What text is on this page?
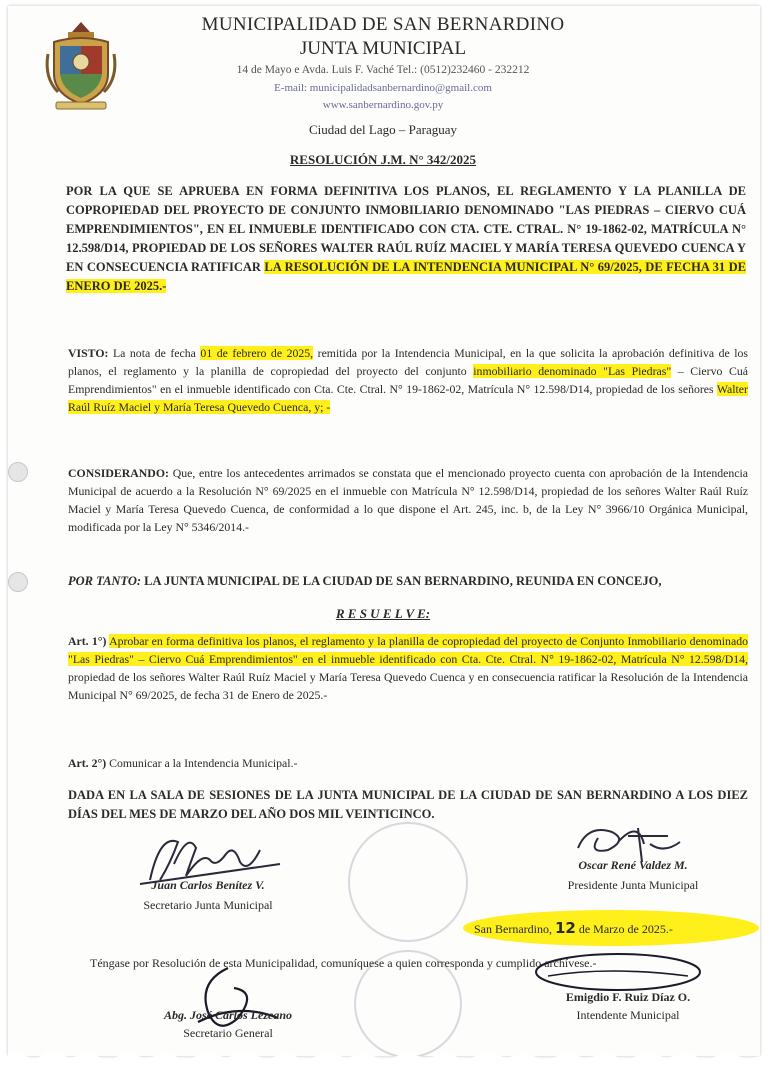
MUNICIPALIDAD DE SAN BERNARDINO
JUNTA MUNICIPAL
14 de Mayo e Avda. Luis F. Vaché Tel.: (0512)232460 - 232212
E-mail: municipalidadsanbernardino@gmail.com
www.sanbernardino.gov.py
Ciudad del Lago – Paraguay
RESOLUCIÓN J.M. N° 342/2025
POR LA QUE SE APRUEBA EN FORMA DEFINITIVA LOS PLANOS, EL REGLAMENTO Y LA PLANILLA DE COPROPIEDAD DEL PROYECTO DE CONJUNTO INMOBILIARIO DENOMINADO "LAS PIEDRAS – CIERVO CUÁ EMPRENDIMIENTOS", EN EL INMUEBLE IDENTIFICADO CON CTA. CTE. CTRAL. N° 19-1862-02, MATRÍCULA N° 12.598/D14, PROPIEDAD DE LOS SEÑORES WALTER RAÚL RUÍZ MACIEL Y MARÍA TERESA QUEVEDO CUENCA Y EN CONSECUENCIA RATIFICAR LA RESOLUCIÓN DE LA INTENDENCIA MUNICIPAL N° 69/2025, DE FECHA 31 DE ENERO DE 2025.-
VISTO: La nota de fecha 01 de febrero de 2025, remitida por la Intendencia Municipal, en la que solicita la aprobación definitiva de los planos, el reglamento y la planilla de copropiedad del proyecto del conjunto inmobiliario denominado "Las Piedras" – Ciervo Cuá Emprendimientos" en el inmueble identificado con Cta. Cte. Ctral. N° 19-1862-02, Matrícula N° 12.598/D14, propiedad de los señores Walter Raúl Ruíz Maciel y María Teresa Quevedo Cuenca, y; -
CONSIDERANDO: Que, entre los antecedentes arrimados se constata que el mencionado proyecto cuenta con aprobación de la Intendencia Municipal de acuerdo a la Resolución N° 69/2025 en el inmueble con Matrícula N° 12.598/D14, propiedad de los señores Walter Raúl Ruíz Maciel y María Teresa Quevedo Cuenca, de conformidad a lo que dispone el Art. 245, inc. b, de la Ley N° 3966/10 Orgánica Municipal, modificada por la Ley N° 5346/2014.-
POR TANTO: LA JUNTA MUNICIPAL DE LA CIUDAD DE SAN BERNARDINO, REUNIDA EN CONCEJO,
R E S U E L V E:
Art. 1°) Aprobar en forma definitiva los planos, el reglamento y la planilla de copropiedad del proyecto de Conjunto Inmobiliario denominado "Las Piedras" – Ciervo Cuá Emprendimientos" en el inmueble identificado con Cta. Cte. Ctral. N° 19-1862-02, Matrícula N° 12.598/D14, propiedad de los señores Walter Raúl Ruíz Maciel y María Teresa Quevedo Cuenca y en consecuencia ratificar la Resolución de la Intendencia Municipal N° 69/2025, de fecha 31 de Enero de 2025.-
Art. 2°) Comunicar a la Intendencia Municipal.-
DADA EN LA SALA DE SESIONES DE LA JUNTA MUNICIPAL DE LA CIUDAD DE SAN BERNARDINO A LOS DIEZ DÍAS DEL MES DE MARZO DEL AÑO DOS MIL VEINTICINCO.
Juan Carlos Benítez V.
Secretario Junta Municipal
Oscar René Valdez M.
Presidente Junta Municipal
San Bernardino, 12 de Marzo de 2025.-
Téngase por Resolución de esta Municipalidad, comuníquese a quien corresponda y cumplido archívese.-
Abg. José Carlos Lezcano
Secretario General
Emigdio F. Ruiz Díaz O.
Intendente Municipal
